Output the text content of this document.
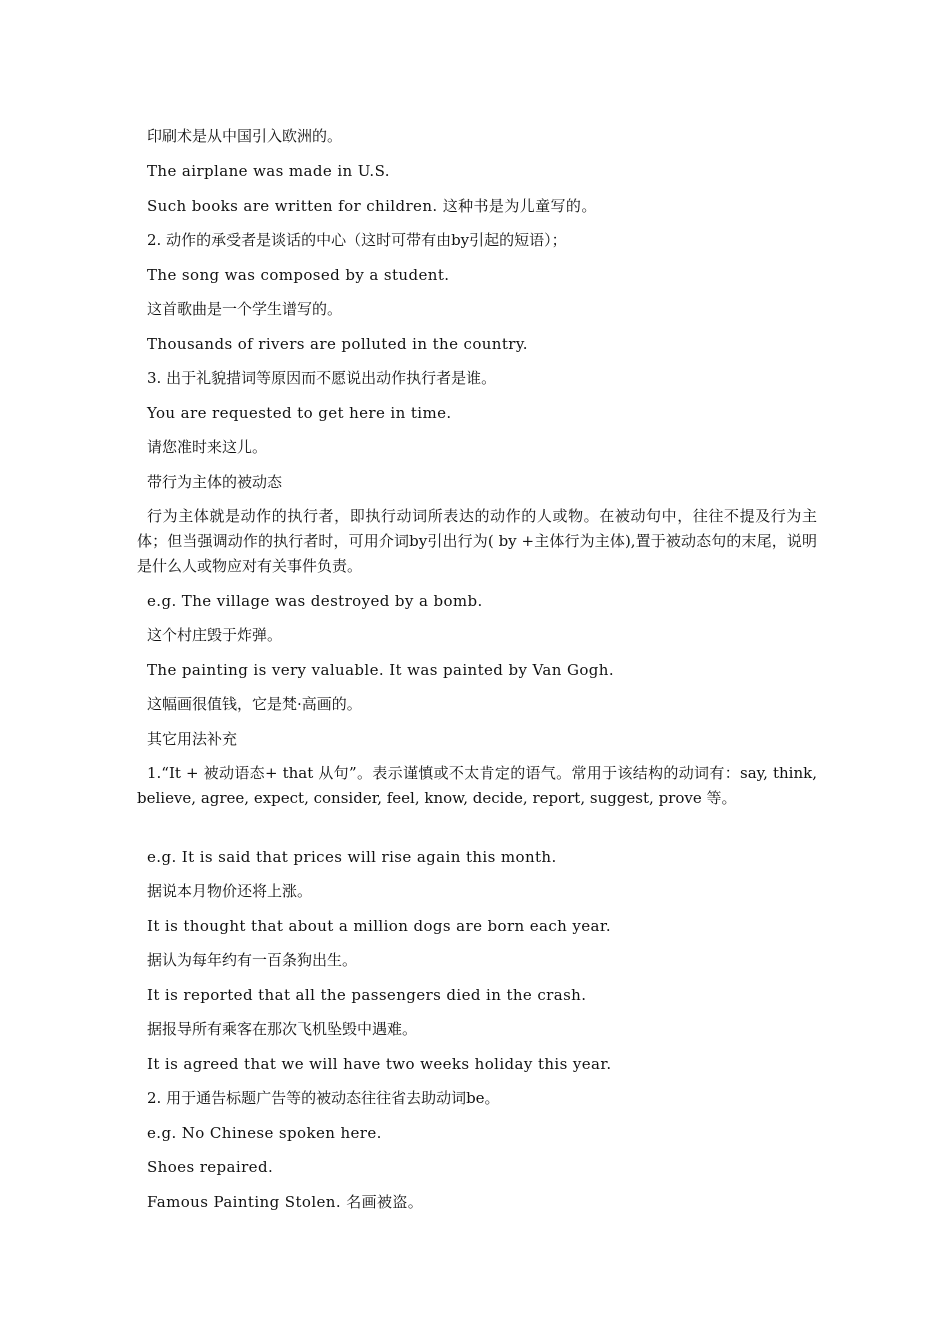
印刷术是从中国引入欧洲的。
The airplane was made in U.S.
Such books are written for children. 这种书是为儿童写的。
2. 动作的承受者是谈话的中心（这时可带有由by引起的短语）；
The song was composed by a student.
这首歌曲是一个学生谱写的。
Thousands of rivers are polluted in the country.
3. 出于礼貌措词等原因而不愿说出动作执行者是谁。
You are requested to get here in time.
请您准时来这儿。
带行为主体的被动态
行为主体就是动作的执行者，即执行动词所表达的动作的人或物。在被动句中，往往不提及行为主体；但当强调动作的执行者时，可用介词by引出行为( by +主体行为主体),置于被动态句的末尾，说明是什么人或物应对有关事件负责。
e.g. The village was destroyed by a bomb.
这个村庄毁于炸弹。
The painting is very valuable. It was painted by Van Gogh.
这幅画很值钱，它是梵·高画的。
其它用法补充
1.“It + 被动语态+ that 从句”。表示谨慎或不太肯定的语气。常用于该结构的动词有：say, think, believe, agree, expect, consider, feel, know, decide, report, suggest, prove 等。
e.g. It is said that prices will rise again this month.
据说本月物价还将上涨。
It is thought that about a million dogs are born each year.
据认为每年约有一百条狗出生。
It is reported that all the passengers died in the crash.
据报导所有乘客在那次飞机坠毁中遇难。
It is agreed that we will have two weeks holiday this year.
2. 用于通告标题广告等的被动态往往省去助动词be。
e.g. No Chinese spoken here.
Shoes repaired.
Famous Painting Stolen. 名画被盗。
